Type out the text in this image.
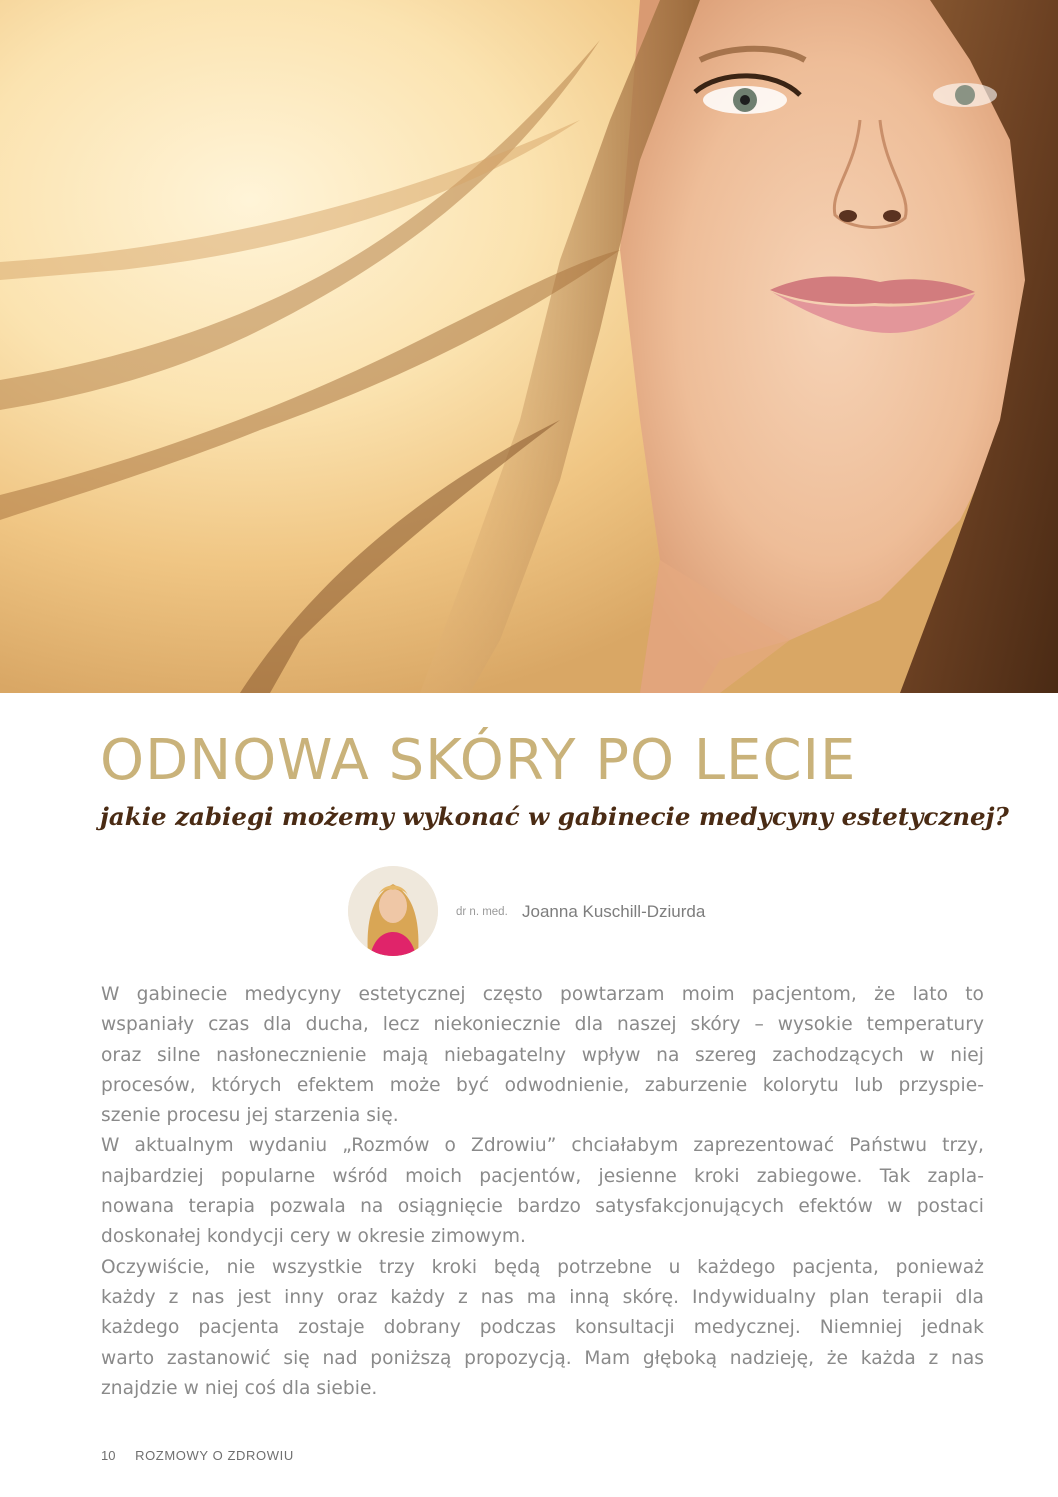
ODNOWA SKÓRY PO LECIE
jakie zabiegi możemy wykonać w gabinecie medycyny estetycznej?
dr n. med. Joanna Kuschill-Dziurda

W gabinecie medycyny estetycznej często powtarzam moim pacjentom, że lato to
wspaniały czas dla ducha, lecz niekoniecznie dla naszej skóry – wysokie temperatury
oraz silne nasłonecznienie mają niebagatelny wpływ na szereg zachodzących w niej
procesów, których efektem może być odwodnienie, zaburzenie kolorytu lub przyspie-
szenie procesu jej starzenia się.

W aktualnym wydaniu „Rozmów o Zdrowiu” chciałabym zaprezentować Państwu trzy,
najbardziej popularne wśród moich pacjentów, jesienne kroki zabiegowe. Tak zapla-
nowana terapia pozwala na osiągnięcie bardzo satysfakcjonujących efektów w postaci
doskonałej kondycji cery w okresie zimowym.

Oczywiście, nie wszystkie trzy kroki będą potrzebne u każdego pacjenta, ponieważ
każdy z nas jest inny oraz każdy z nas ma inną skórę. Indywidualny plan terapii dla
każdego pacjenta zostaje dobrany podczas konsultacji medycznej. Niemniej jednak
warto zastanowić się nad poniższą propozycją. Mam głęboką nadzieję, że każda z nas
znajdzie w niej coś dla siebie.

10 ROZMOWY O ZDROWIU
